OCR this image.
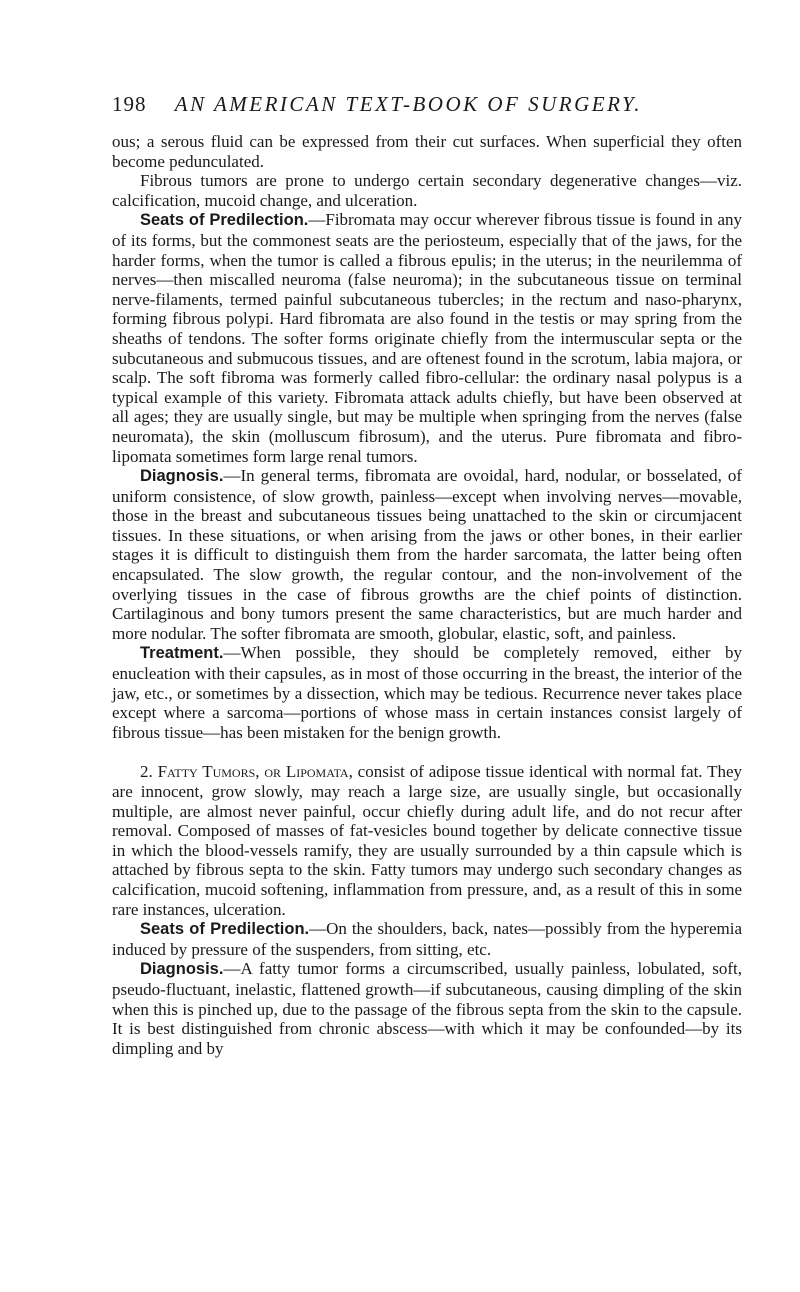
198 AN AMERICAN TEXT-BOOK OF SURGERY.

ous; a serous fluid can be expressed from their cut surfaces. When superficial they often become pedunculated.

Fibrous tumors are prone to undergo certain secondary degenerative changes—viz. calcification, mucoid change, and ulceration.

Seats of Predilection.—Fibromata may occur wherever fibrous tissue is found in any of its forms, but the commonest seats are the periosteum, especially that of the jaws, for the harder forms, when the tumor is called a fibrous epulis; in the uterus; in the neurilemma of nerves—then miscalled neuroma (false neuroma); in the subcutaneous tissue on terminal nerve-filaments, termed painful subcutaneous tubercles; in the rectum and naso-pharynx, forming fibrous polypi. Hard fibromata are also found in the testis or may spring from the sheaths of tendons. The softer forms originate chiefly from the intermuscular septa or the subcutaneous and submucous tissues, and are oftenest found in the scrotum, labia majora, or scalp. The soft fibroma was formerly called fibro-cellular: the ordinary nasal polypus is a typical example of this variety. Fibromata attack adults chiefly, but have been observed at all ages; they are usually single, but may be multiple when springing from the nerves (false neuromata), the skin (molluscum fibrosum), and the uterus. Pure fibromata and fibro-lipomata sometimes form large renal tumors.

Diagnosis.—In general terms, fibromata are ovoidal, hard, nodular, or bosselated, of uniform consistence, of slow growth, painless—except when involving nerves—movable, those in the breast and subcutaneous tissues being unattached to the skin or circumjacent tissues. In these situations, or when arising from the jaws or other bones, in their earlier stages it is difficult to distinguish them from the harder sarcomata, the latter being often encapsulated. The slow growth, the regular contour, and the non-involvement of the overlying tissues in the case of fibrous growths are the chief points of distinction. Cartilaginous and bony tumors present the same characteristics, but are much harder and more nodular. The softer fibromata are smooth, globular, elastic, soft, and painless.

Treatment.—When possible, they should be completely removed, either by enucleation with their capsules, as in most of those occurring in the breast, the interior of the jaw, etc., or sometimes by a dissection, which may be tedious. Recurrence never takes place except where a sarcoma—portions of whose mass in certain instances consist largely of fibrous tissue—has been mistaken for the benign growth.

2. Fatty Tumors, or Lipomata, consist of adipose tissue identical with normal fat. They are innocent, grow slowly, may reach a large size, are usually single, but occasionally multiple, are almost never painful, occur chiefly during adult life, and do not recur after removal. Composed of masses of fat-vesicles bound together by delicate connective tissue in which the blood-vessels ramify, they are usually surrounded by a thin capsule which is attached by fibrous septa to the skin. Fatty tumors may undergo such secondary changes as calcification, mucoid softening, inflammation from pressure, and, as a result of this in some rare instances, ulceration.

Seats of Predilection.—On the shoulders, back, nates—possibly from the hyperemia induced by pressure of the suspenders, from sitting, etc.

Diagnosis.—A fatty tumor forms a circumscribed, usually painless, lobulated, soft, pseudo-fluctuant, inelastic, flattened growth—if subcutaneous, causing dimpling of the skin when this is pinched up, due to the passage of the fibrous septa from the skin to the capsule. It is best distinguished from chronic abscess—with which it may be confounded—by its dimpling and by
